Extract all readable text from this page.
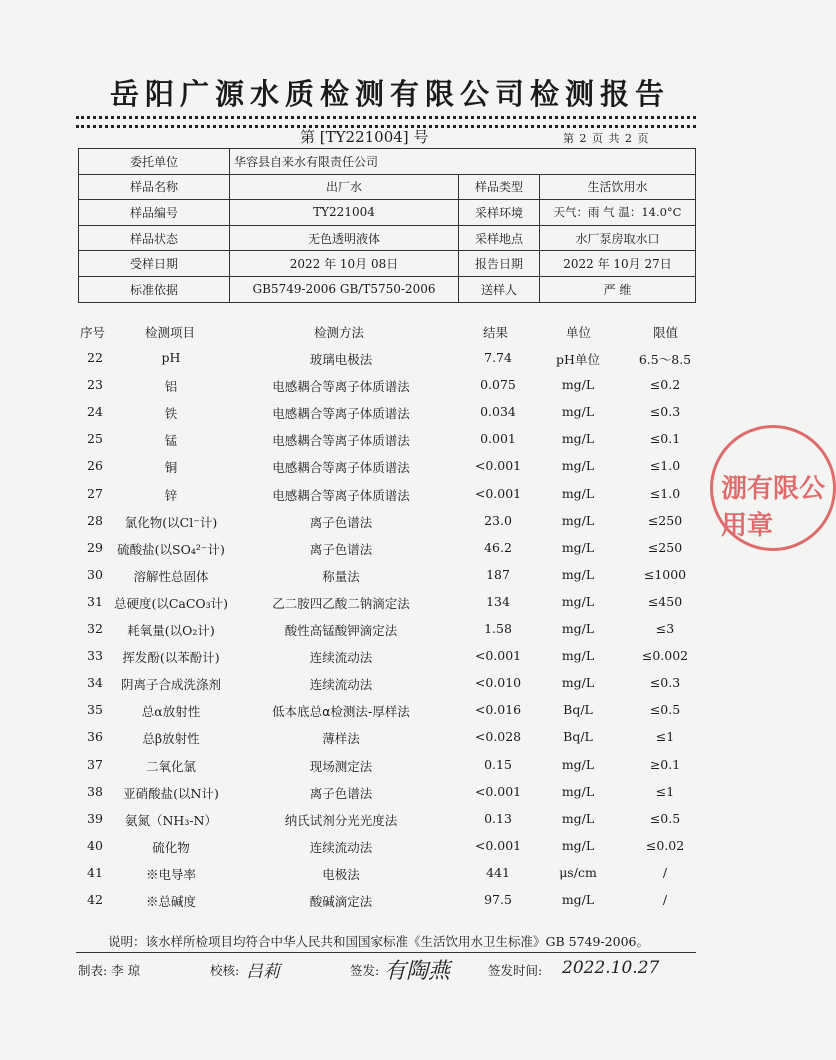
岳阳广源水质检测有限公司检测报告
第 [TY221004] 号	第 2 页 共 2 页
委托单位	华容县自来水有限责任公司		
样品名称	出厂水	样品类型	生活饮用水
样品编号	TY221004	采样环境	天气：雨 气 温：14.0°C
样品状态	无色透明液体	采样地点	水厂泵房取水口
受样日期	2022 年 10月 08日	报告日期	2022 年 10月 27日
标准依据	GB5749-2006 GB/T5750-2006	送样人	严 维
序号	检测项目	检测方法	结果	单位	限值
22	pH	玻璃电极法	7.74	pH单位	6.5～8.5
23	铝	电感耦合等离子体质谱法	0.075	mg/L	≤0.2
24	铁	电感耦合等离子体质谱法	0.034	mg/L	≤0.3
25	锰	电感耦合等离子体质谱法	0.001	mg/L	≤0.1
26	铜	电感耦合等离子体质谱法	<0.001	mg/L	≤1.0
27	锌	电感耦合等离子体质谱法	<0.001	mg/L	≤1.0
28	氯化物(以Cl⁻计)	离子色谱法	23.0	mg/L	≤250
29	硫酸盐(以SO₄²⁻计)	离子色谱法	46.2	mg/L	≤250
30	溶解性总固体	称量法	187	mg/L	≤1000
31 总硬度(以CaCO₃计)	乙二胺四乙酸二钠滴定法	134	mg/L	≤450
32	耗氧量(以O₂计)	酸性高锰酸钾滴定法	1.58	mg/L	≤3
33	挥发酚(以苯酚计)	连续流动法	<0.001	mg/L	≤0.002
34	阴离子合成洗涤剂	连续流动法	<0.010	mg/L	≤0.3
35	总α放射性	低本底总α检测法-厚样法	<0.016	Bq/L	≤0.5
36	总β放射性	薄样法	<0.028	Bq/L	≤1
37	二氧化氯	现场测定法	0.15	mg/L	≥0.1
38	亚硝酸盐(以N计)	离子色谱法	<0.001	mg/L	≤1
39	氨氮（NH₃-N）	纳氏试剂分光光度法	0.13	mg/L	≤0.5
40	硫化物	连续流动法	<0.001	mg/L	≤0.02
41	※电导率	电极法	441	μs/cm	/
42	※总碱度	酸碱滴定法	97.5	mg/L	/
说明：该水样所检项目均符合中华人民共和国国家标准《生活饮用水卫生标准》GB 5749-2006。
制表: 李 琼	校核: 吕莉	签发: 有陶燕	签发时间: 2022.10.27
淜有限公 用章
